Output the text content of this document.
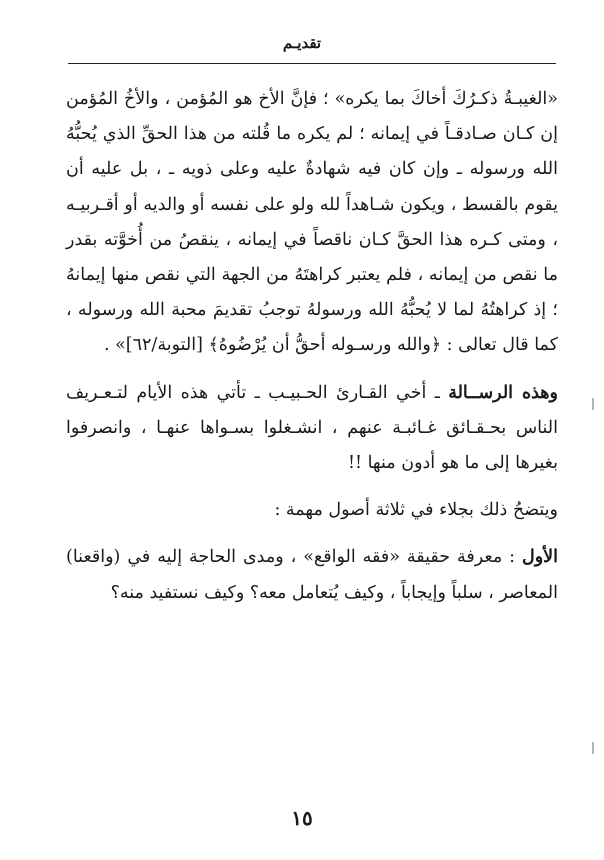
تقديـم

«الغيبـةُ ذكـرُكَ أخاكَ بما يكره» ؛ فإنَّ الأخ هو المُؤمن ، والأخُ المُؤمن إن كـان صـادقـاً في إيمانه ؛ لم يكره ما قُلته من هذا الحقِّ الذي يُحبُّهُ الله ورسوله ـ وإن كان فيه شهادةٌ عليه وعلى ذويه ـ ، بل عليه أن يقوم بالقسط ، ويكون شـاهداً لله ولو على نفسه أو والديه أو أقـربيـه ، ومتى كـره هذا الحقَّ كـان ناقصاً في إيمانه ، ينقصُ من أُخوَّته بقدر ما نقص من إيمانه ، فلم يعتبر كراهتَهُ من الجهة التي نقص منها إيمانهُ ؛ إذ كراهتُهُ لما لا يُحبُّهُ الله ورسولهُ توجبُ تقديمَ محبة الله ورسوله ، كما قال تعالى : ﴿والله ورسـوله أحقُّ أن يُرْضُوهُ﴾ [التوبة/٦٢]» .

وهذه الرســالة ـ أخي القـارئ الحـبيـب ـ تأتي هذه الأيام لتـعـريف الناس بحـقـائق غـائبـة عنهم ، انشـغلوا بسـواها عنهـا ، وانصرفوا بغيرها إلى ما هو أدون منها !!

ويتضحُ ذلك بجلاء في ثلاثة أصول مهمة :

الأول : معرفة حقيقة «فقه الواقع» ، ومدى الحاجة إليه في (واقعنا) المعاصر ، سلباً وإيجاباً ، وكيف يُتعامل معه؟ وكيف نستفيد منه؟

١٥
